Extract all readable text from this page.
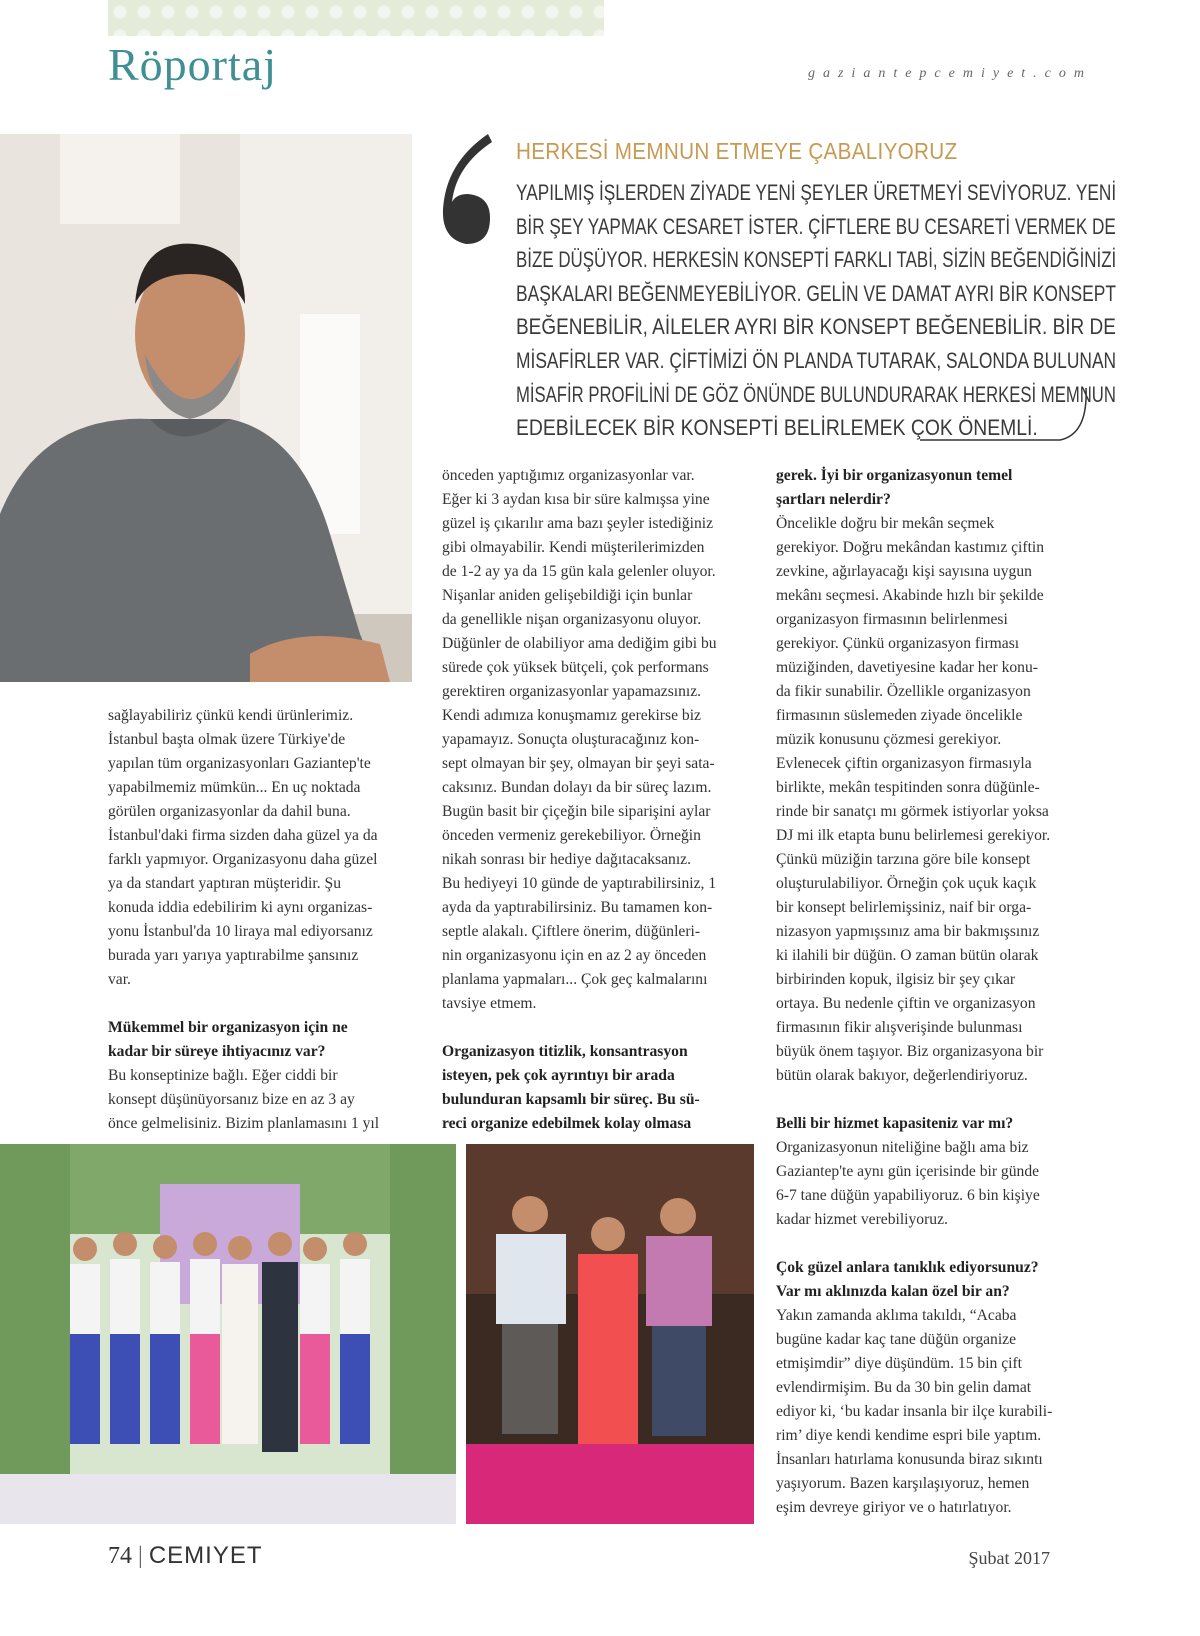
Röportaj	gaziantepcemiyet.com
HERKESİ MEMNUN ETMEYE ÇABALIYORUZ
YAPILMIŞ İŞLERDEN ZİYADE YENİ ŞEYLER ÜRETMEYİ SEVİYORUZ. YENİ
BİR ŞEY YAPMAK CESARET İSTER. ÇİFTLERE BU CESARETİ VERMEK DE
BİZE DÜŞÜYOR. HERKESİN KONSEPTİ FARKLI TABİ, SİZİN BEĞENDİĞİNİZİ
BAŞKALARI BEĞENMEYEBİLİYOR. GELİN VE DAMAT AYRI BİR KONSEPT
BEĞENEBİLİR, AİLELER AYRI BİR KONSEPT BEĞENEBİLİR. BİR DE
MİSAFİRLER VAR. ÇİFTİMİZİ ÖN PLANDA TUTARAK, SALONDA BULUNAN
MİSAFİR PROFİLİNİ DE GÖZ ÖNÜNDE BULUNDURARAK HERKESİ MEMNUN
EDEBİLECEK BİR KONSEPTİ BELİRLEMEK ÇOK ÖNEMLİ.
sağlayabiliriz çünkü kendi ürünlerimiz.
İstanbul başta olmak üzere Türkiye'de
yapılan tüm organizasyonları Gaziantep'te
yapabilmemiz mümkün... En uç noktada
görülen organizasyonlar da dahil buna.
İstanbul'daki firma sizden daha güzel ya da
farklı yapmıyor. Organizasyonu daha güzel
ya da standart yaptıran müşteridir. Şu
konuda iddia edebilirim ki aynı organizas-
yonu İstanbul'da 10 liraya mal ediyorsanız
burada yarı yarıya yaptırabilme şansınız
var.
Mükemmel bir organizasyon için ne
kadar bir süreye ihtiyacınız var?
Bu konseptinize bağlı. Eğer ciddi bir
konsept düşünüyorsanız bize en az 3 ay
önce gelmelisiniz. Bizim planlamasını 1 yıl
önceden yaptığımız organizasyonlar var.
Eğer ki 3 aydan kısa bir süre kalmışsa yine
güzel iş çıkarılır ama bazı şeyler istediğiniz
gibi olmayabilir. Kendi müşterilerimizden
de 1-2 ay ya da 15 gün kala gelenler oluyor.
Nişanlar aniden gelişebildiği için bunlar
da genellikle nişan organizasyonu oluyor.
Düğünler de olabiliyor ama dediğim gibi bu
sürede çok yüksek bütçeli, çok performans
gerektiren organizasyonlar yapamazsınız.
Kendi adımıza konuşmamız gerekirse biz
yapamayız. Sonuçta oluşturacağınız kon-
sept olmayan bir şey, olmayan bir şeyi sata-
caksınız. Bundan dolayı da bir süreç lazım.
Bugün basit bir çiçeğin bile siparişini aylar
önceden vermeniz gerekebiliyor. Örneğin
nikah sonrası bir hediye dağıtacaksanız.
Bu hediyeyi 10 günde de yaptırabilirsiniz, 1
ayda da yaptırabilirsiniz. Bu tamamen kon-
septle alakalı. Çiftlere önerim, düğünleri-
nin organizasyonu için en az 2 ay önceden
planlama yapmaları... Çok geç kalmalarını
tavsiye etmem.
Organizasyon titizlik, konsantrasyon
isteyen, pek çok ayrıntıyı bir arada
bulunduran kapsamlı bir süreç. Bu sü-
reci organize edebilmek kolay olmasa
gerek. İyi bir organizasyonun temel
şartları nelerdir?
Öncelikle doğru bir mekân seçmek
gerekiyor. Doğru mekândan kastımız çiftin
zevkine, ağırlayacağı kişi sayısına uygun
mekânı seçmesi. Akabinde hızlı bir şekilde
organizasyon firmasının belirlenmesi
gerekiyor. Çünkü organizasyon firması
müziğinden, davetiyesine kadar her konu-
da fikir sunabilir. Özellikle organizasyon
firmasının süslemeden ziyade öncelikle
müzik konusunu çözmesi gerekiyor.
Evlenecek çiftin organizasyon firmasıyla
birlikte, mekân tespitinden sonra düğünle-
rinde bir sanatçı mı görmek istiyorlar yoksa
DJ mi ilk etapta bunu belirlemesi gerekiyor.
Çünkü müziğin tarzına göre bile konsept
oluşturulabiliyor. Örneğin çok uçuk kaçık
bir konsept belirlemişsiniz, naif bir orga-
nizasyon yapmışsınız ama bir bakmışsınız
ki ilahili bir düğün. O zaman bütün olarak
birbirinden kopuk, ilgisiz bir şey çıkar
ortaya. Bu nedenle çiftin ve organizasyon
firmasının fikir alışverişinde bulunması
büyük önem taşıyor. Biz organizasyona bir
bütün olarak bakıyor, değerlendiriyoruz.
Belli bir hizmet kapasiteniz var mı?
Organizasyonun niteliğine bağlı ama biz
Gaziantep'te aynı gün içerisinde bir günde
6-7 tane düğün yapabiliyoruz. 6 bin kişiye
kadar hizmet verebiliyoruz.
Çok güzel anlara tanıklık ediyorsunuz?
Var mı aklınızda kalan özel bir an?
Yakın zamanda aklıma takıldı, “Acaba
bugüne kadar kaç tane düğün organize
etmişimdir” diye düşündüm. 15 bin çift
evlendirmişim. Bu da 30 bin gelin damat
ediyor ki, ‘bu kadar insanla bir ilçe kurabili-
rim’ diye kendi kendime espri bile yaptım.
İnsanları hatırlama konusunda biraz sıkıntı
yaşıyorum. Bazen karşılaşıyoruz, hemen
eşim devreye giriyor ve o hatırlatıyor.
74 | CEMIYET	Şubat 2017
